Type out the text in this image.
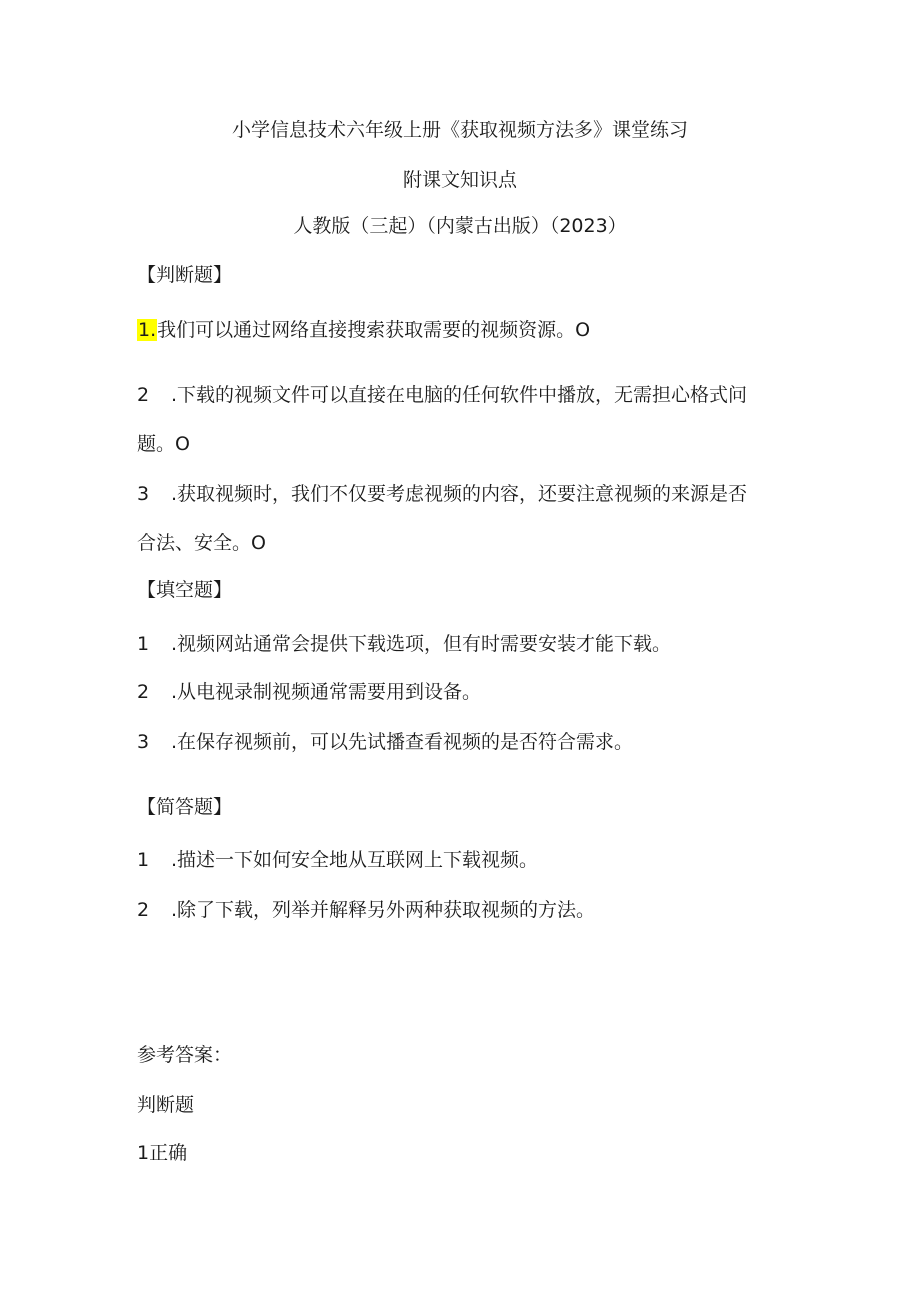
小学信息技术六年级上册《获取视频方法多》课堂练习
附课文知识点
人教版（三起）（内蒙古出版）（2023）
【判断题】
1.我们可以通过网络直接搜索获取需要的视频资源。O
2 .下载的视频文件可以直接在电脑的任何软件中播放，无需担心格式问
题。O
3 .获取视频时，我们不仅要考虑视频的内容，还要注意视频的来源是否
合法、安全。O
【填空题】
1 .视频网站通常会提供下载选项，但有时需要安装才能下载。
2 .从电视录制视频通常需要用到设备。
3 .在保存视频前，可以先试播查看视频的是否符合需求。
【简答题】
1 .描述一下如何安全地从互联网上下载视频。
2 .除了下载，列举并解释另外两种获取视频的方法。
参考答案：
判断题
1正确
